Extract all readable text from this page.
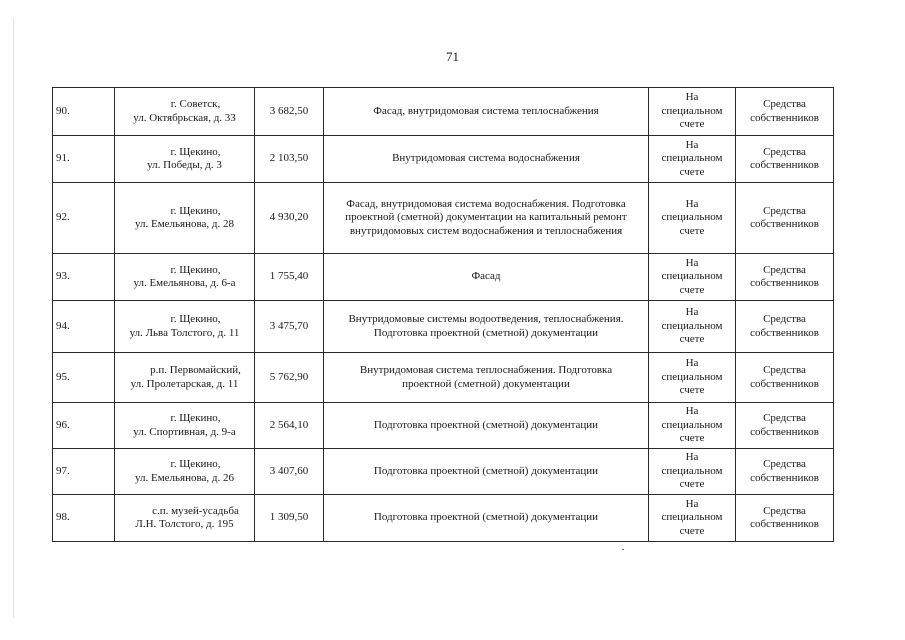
71
90.	г. Советск,
ул. Октябрьская, д. 33	3 682,50	Фасад, внутридомовая система теплоснабжения	На
специальном
счете	Средства
собственников

91.	г. Щекино,
ул. Победы, д. 3	2 103,50	Внутридомовая система водоснабжения	На
специальном
счете	Средства
собственников

92.	г. Щекино,
ул. Емельянова, д. 28	4 930,20	Фасад, внутридомовая система водоснабжения. Подготовка
проектной (сметной) документации на капитальный ремонт
внутридомовых систем водоснабжения и теплоснабжения	На
специальном
счете	Средства
собственников

93.	г. Щекино,
ул. Емельянова, д. 6-а	1 755,40	Фасад	На
специальном
счете	Средства
собственников

94.	г. Щекино,
ул. Льва Толстого, д. 11	3 475,70	Внутридомовые системы водоотведения, теплоснабжения.
Подготовка проектной (сметной) документации	На
специальном
счете	Средства
собственников

95.	р.п. Первомайский,
ул. Пролетарская, д. 11	5 762,90	Внутридомовая система теплоснабжения. Подготовка
проектной (сметной) документации	На
специальном
счете	Средства
собственников

96.	г. Щекино,
ул. Спортивная, д. 9-а	2 564,10	Подготовка проектной (сметной) документации	На
специальном
счете	Средства
собственников

97.	г. Щекино,
ул. Емельянова, д. 26	3 407,60	Подготовка проектной (сметной) документации	На
специальном
счете	Средства
собственников

98.	с.п. музей-усадьба
Л.Н. Толстого, д. 195	1 309,50	Подготовка проектной (сметной) документации	На
специальном
счете	Средства
собственников
